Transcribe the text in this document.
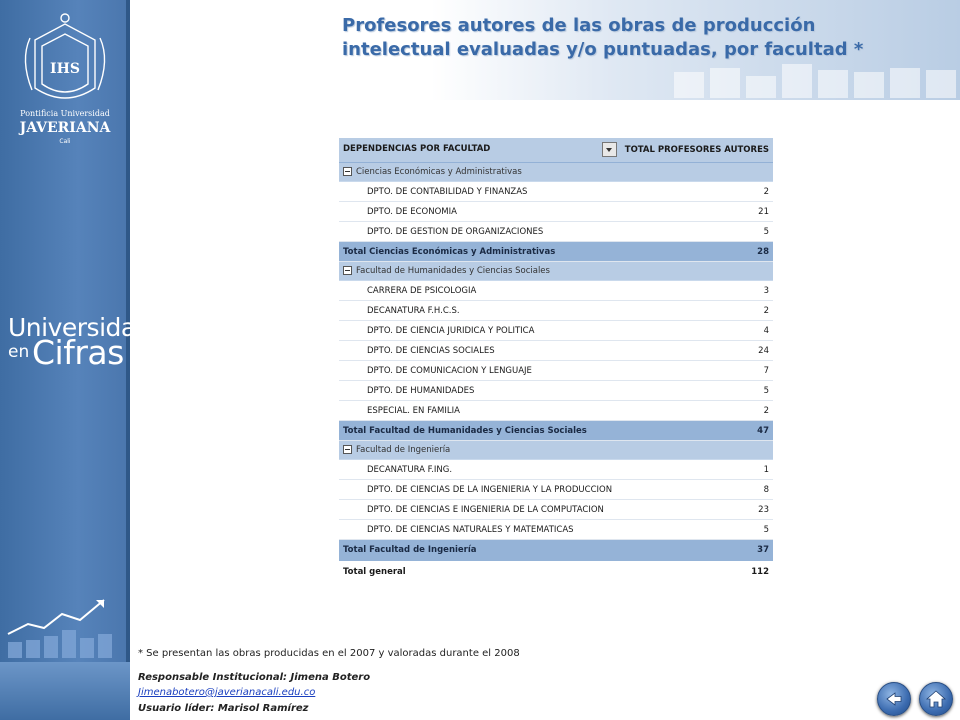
IHS
Pontificia Universidad
JAVERIANA
Cali
Universidad
en Cifras
Profesores autores de las obras de producción intelectual evaluadas y/o puntuadas, por facultad *
DEPENDENCIAS POR FACULTAD	TOTAL PROFESORES AUTORES
Ciencias Económicas y Administrativas	
DPTO. DE CONTABILIDAD Y FINANZAS	2
DPTO. DE ECONOMIA	21
DPTO. DE GESTION DE ORGANIZACIONES	5
Total Ciencias Económicas y Administrativas	28
Facultad de Humanidades y Ciencias Sociales	
CARRERA DE PSICOLOGIA	3
DECANATURA F.H.C.S.	2
DPTO. DE CIENCIA JURIDICA Y POLITICA	4
DPTO. DE CIENCIAS SOCIALES	24
DPTO. DE COMUNICACION Y LENGUAJE	7
DPTO. DE HUMANIDADES	5
ESPECIAL. EN FAMILIA	2
Total Facultad de Humanidades y Ciencias Sociales	47
Facultad de Ingeniería	
DECANATURA F.ING.	1
DPTO. DE CIENCIAS DE LA INGENIERIA Y LA PRODUCCION	8
DPTO. DE CIENCIAS E INGENIERIA DE LA COMPUTACION	23
DPTO. DE CIENCIAS NATURALES Y MATEMATICAS	5
Total Facultad de Ingeniería	37
Total general	112
* Se presentan las obras producidas en el 2007 y valoradas durante el 2008
Responsable Institucional: Jimena Botero
Jimenabotero@javerianacali.edu.co
Usuario líder: Marisol Ramírez
